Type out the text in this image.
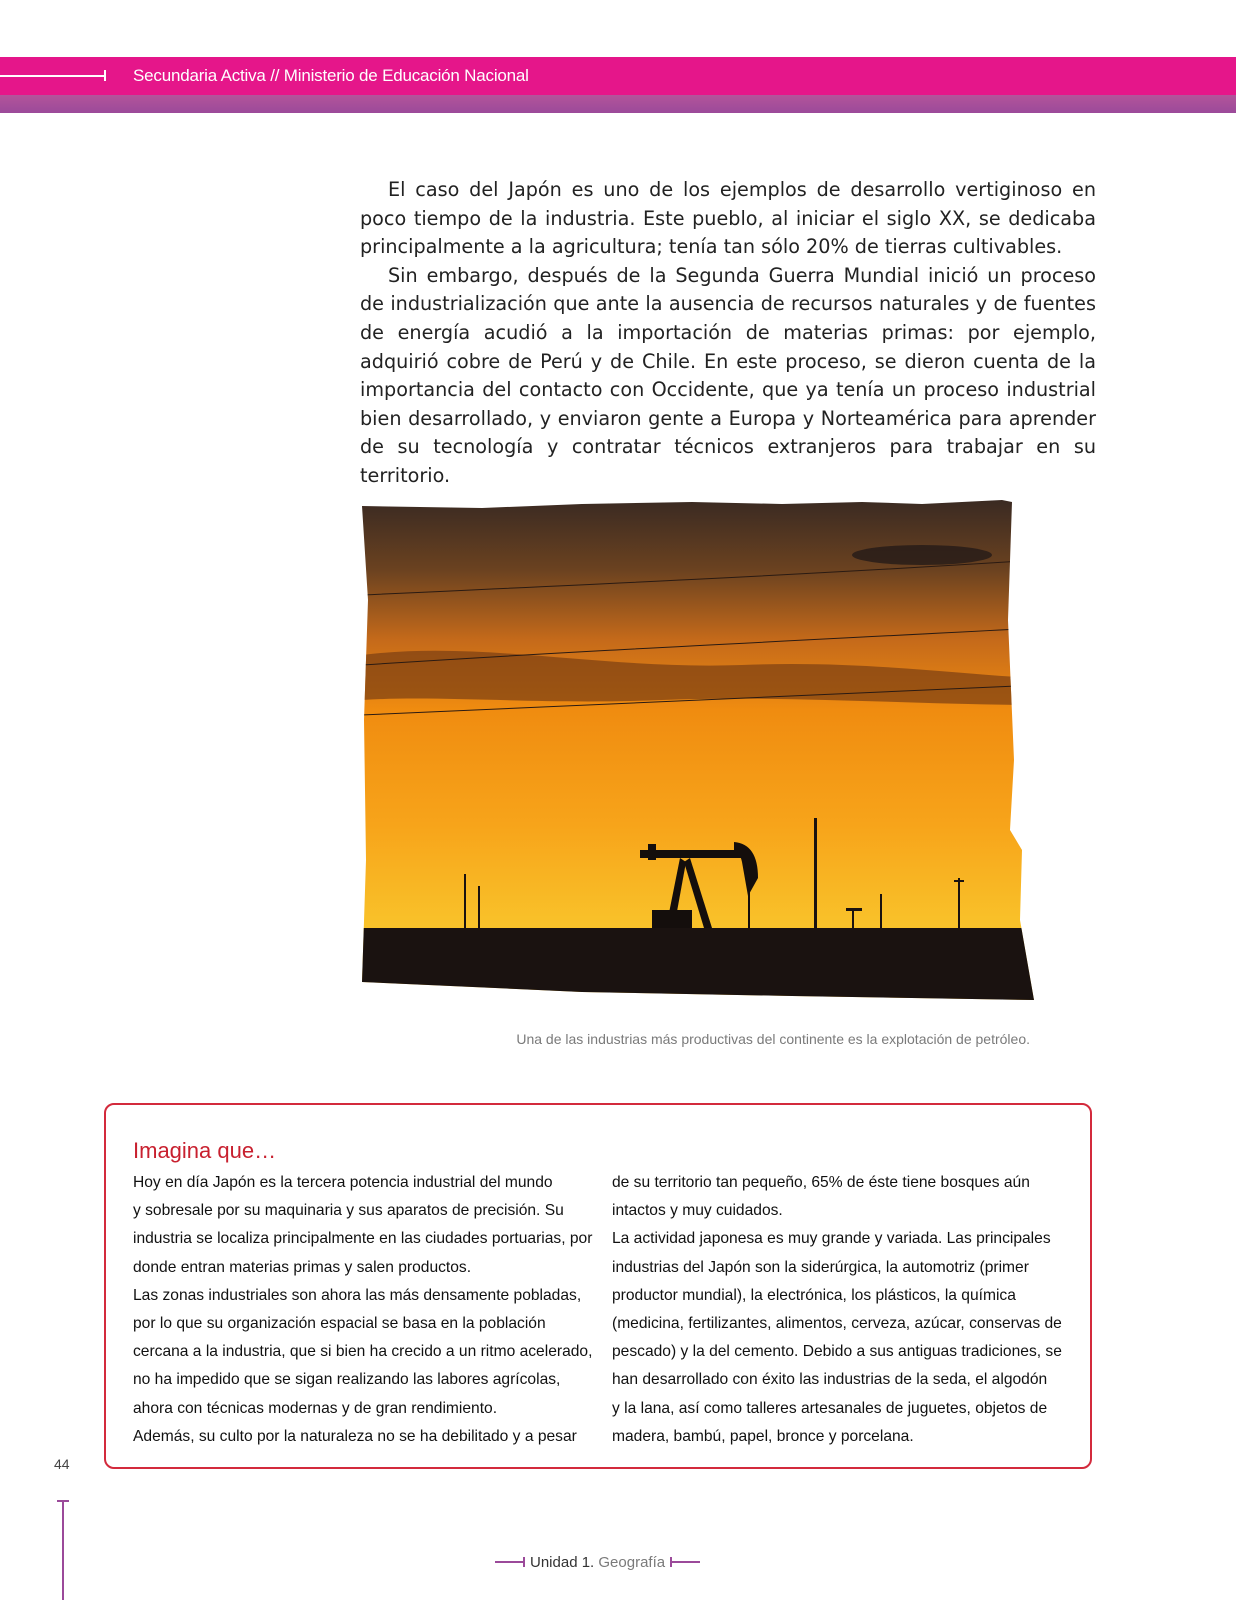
Secundaria Activa // Ministerio de Educación Nacional

El caso del Japón es uno de los ejemplos de desarrollo vertiginoso en poco tiempo de la industria. Este pueblo, al iniciar el siglo XX, se dedicaba principalmente a la agricultura; tenía tan sólo 20% de tierras cultivables.

Sin embargo, después de la Segunda Guerra Mundial inició un proceso de industrialización que ante la ausencia de recursos naturales y de fuentes de energía acudió a la importación de materias primas: por ejemplo, adquirió cobre de Perú y de Chile. En este proceso, se dieron cuenta de la importancia del contacto con Occidente, que ya tenía un proceso industrial bien desarrollado, y enviaron gente a Europa y Norteamérica para aprender de su tecnología y contratar técnicos extranjeros para trabajar en su territorio.

Una de las industrias más productivas del continente es la explotación de petróleo.
Imagina que…
Hoy en día Japón es la tercera potencia industrial del mundo
y sobresale por su maquinaria y sus aparatos de precisión. Su
industria se localiza principalmente en las ciudades portuarias, por
donde entran materias primas y salen productos.
Las zonas industriales son ahora las más densamente pobladas,
por lo que su organización espacial se basa en la población
cercana a la industria, que si bien ha crecido a un ritmo acelerado,
no ha impedido que se sigan realizando las labores agrícolas,
ahora con técnicas modernas y de gran rendimiento.
Además, su culto por la naturaleza no se ha debilitado y a pesar
de su territorio tan pequeño, 65% de éste tiene bosques aún
intactos y muy cuidados.
La actividad japonesa es muy grande y variada. Las principales
industrias del Japón son la siderúrgica, la automotriz (primer
productor mundial), la electrónica, los plásticos, la química
(medicina, fertilizantes, alimentos, cerveza, azúcar, conservas de
pescado) y la del cemento. Debido a sus antiguas tradiciones, se
han desarrollado con éxito las industrias de la seda, el algodón
y la lana, así como talleres artesanales de juguetes, objetos de
madera, bambú, papel, bronce y porcelana.
44
Unidad 1. Geografía
